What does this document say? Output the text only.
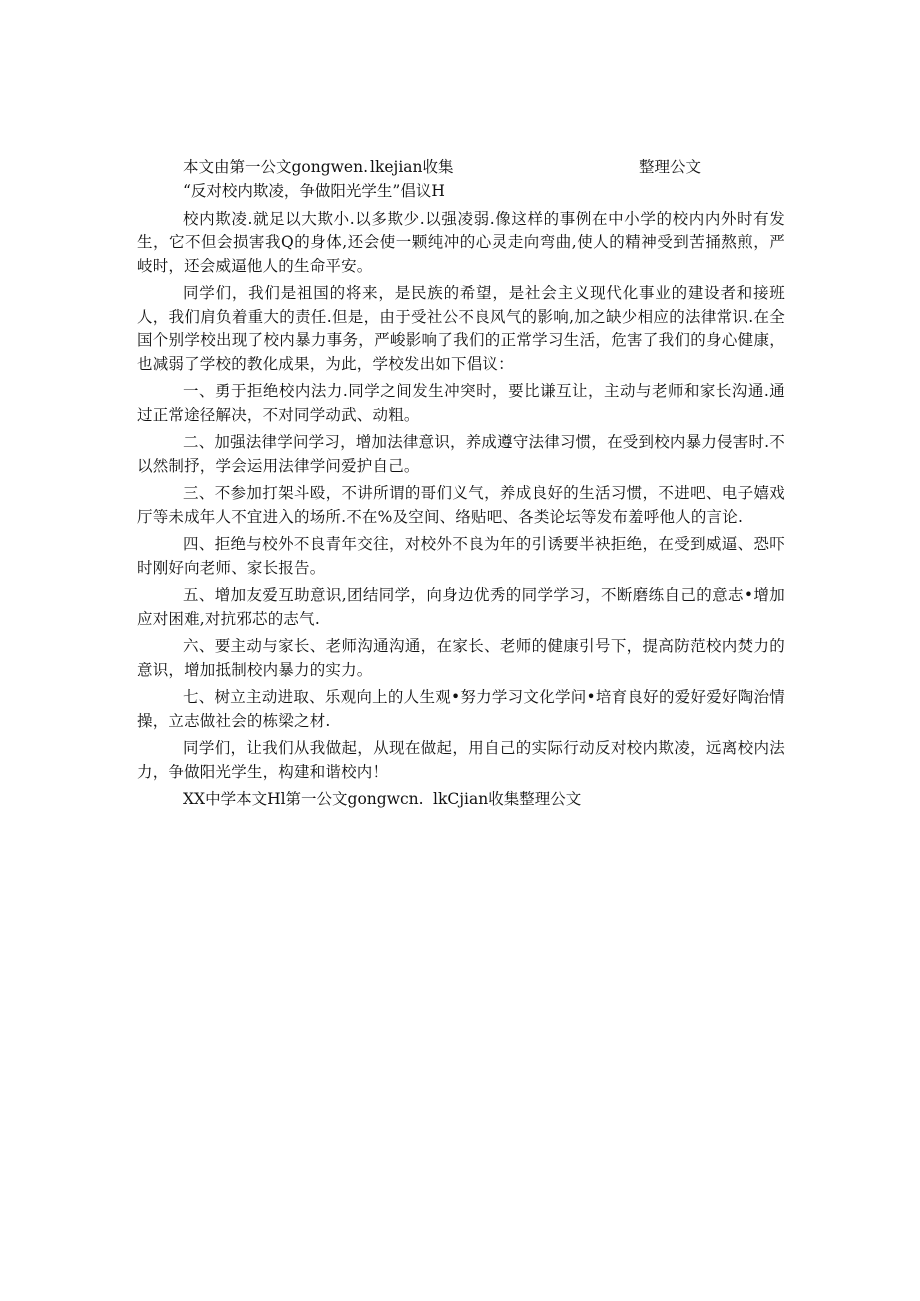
本文由第一公文gongwen. lkejian收集	整理公文

“反对校内欺凌，争做阳光学生”倡议H

校内欺凌.就足以大欺小.以多欺少.以强凌弱.像这样的事例在中小学的校内内外时有发生，它不但会损害我Q的身体,还会使一颗纯冲的心灵走向弯曲,使人的精神受到苦捅熬煎，严岐时，还会威逼他人的生命平安。

同学们，我们是祖国的将来，是民族的希望，是社会主义现代化事业的建设者和接班人，我们肩负着重大的责任.但是，由于受社公不良风气的影响,加之缺少相应的法律常识.在全国个别学校出现了校内暴力事务，严峻影响了我们的正常学习生活，危害了我们的身心健康，也减弱了学校的教化成果，为此，学校发出如下倡议：

一、勇于拒绝校内法力.同学之间发生冲突时，要比谦互让，主动与老师和家长沟通.通过正常途径解决，不对同学动武、动粗。

二、加强法律学问学习，增加法律意识，养成遵守法律习惯，在受到校内暴力侵害时.不以然制抒，学会运用法律学问爱护自己。

三、不参加打架斗殴，不讲所谓的哥们义气，养成良好的生活习惯，不进吧、电子嬉戏厅等未成年人不宜进入的场所.不在%及空间、络贴吧、各类论坛等发布羞呼他人的言论.

四、拒绝与校外不良青年交往，对校外不良为年的引诱要半袂拒绝，在受到威逼、恐吓时刚好向老师、家长报告。

五、增加友爱互助意识,团结同学，向身边优秀的同学学习，不断磨练自己的意志•增加应对困难,对抗邪芯的志气.

六、要主动与家长、老师沟通沟通，在家长、老师的健康引号下，提高防范校内焚力的意识，增加抵制校内暴力的实力。

七、树立主动进取、乐观向上的人生观•努力学习文化学问•培育良好的爱好爱好陶治情操，立志做社会的栋梁之材.

同学们，让我们从我做起，从现在做起，用自己的实际行动反对校内欺凌，远离校内法力，争做阳光学生，构建和谐校内！

XX中学本文Hl第一公文gongwcn. lkCjian收集整理公文
